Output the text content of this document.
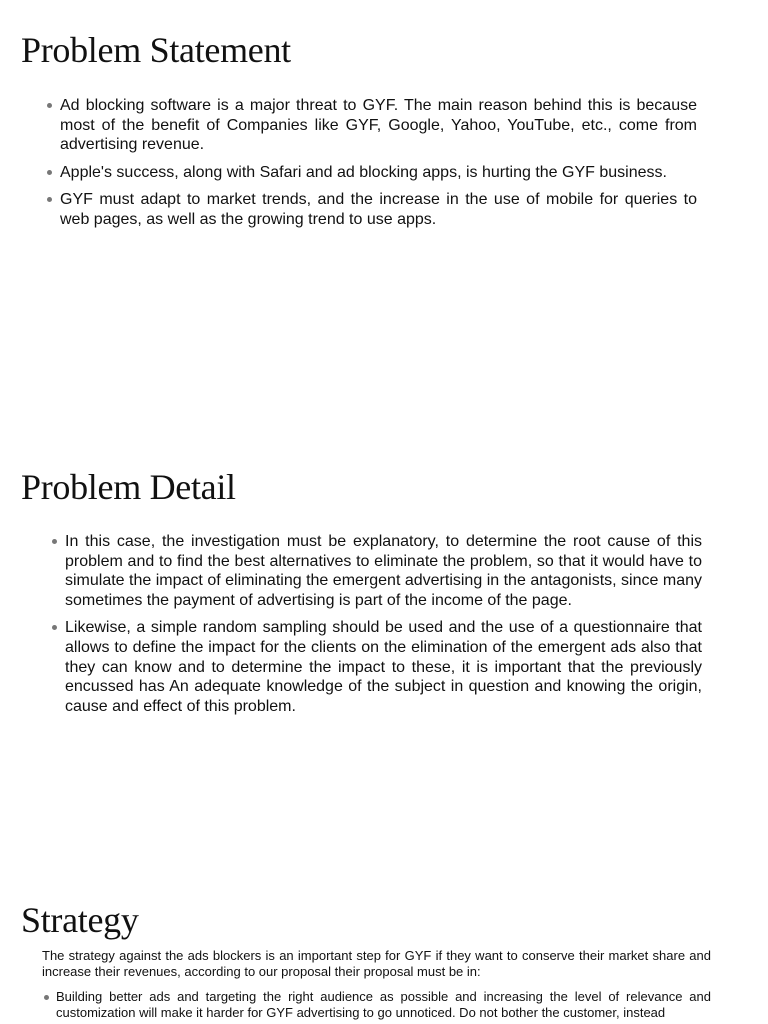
Problem Statement
Ad blocking software is a major threat to GYF. The main reason behind this is because most of the benefit of Companies like GYF, Google, Yahoo, YouTube, etc., come from advertising revenue.
Apple's success, along with Safari and ad blocking apps, is hurting the GYF business.
GYF must adapt to market trends, and the increase in the use of mobile for queries to web pages, as well as the growing trend to use apps.
Problem Detail
In this case, the investigation must be explanatory, to determine the root cause of this problem and to find the best alternatives to eliminate the problem, so that it would have to simulate the impact of eliminating the emergent advertising in the antagonists, since many sometimes the payment of advertising is part of the income of the page.
Likewise, a simple random sampling should be used and the use of a questionnaire that allows to define the impact for the clients on the elimination of the emergent ads also that they can know and to determine the impact to these, it is important that the previously encussed has An adequate knowledge of the subject in question and knowing the origin, cause and effect of this problem.
Strategy

The strategy against the ads blockers is an important step for GYF if they want to conserve their market share and increase their revenues, according to our proposal their proposal must be in:

Building better ads and targeting the right audience as possible and increasing the level of relevance and customization will make it harder for GYF advertising to go unnoticed. Do not bother the customer, instead
